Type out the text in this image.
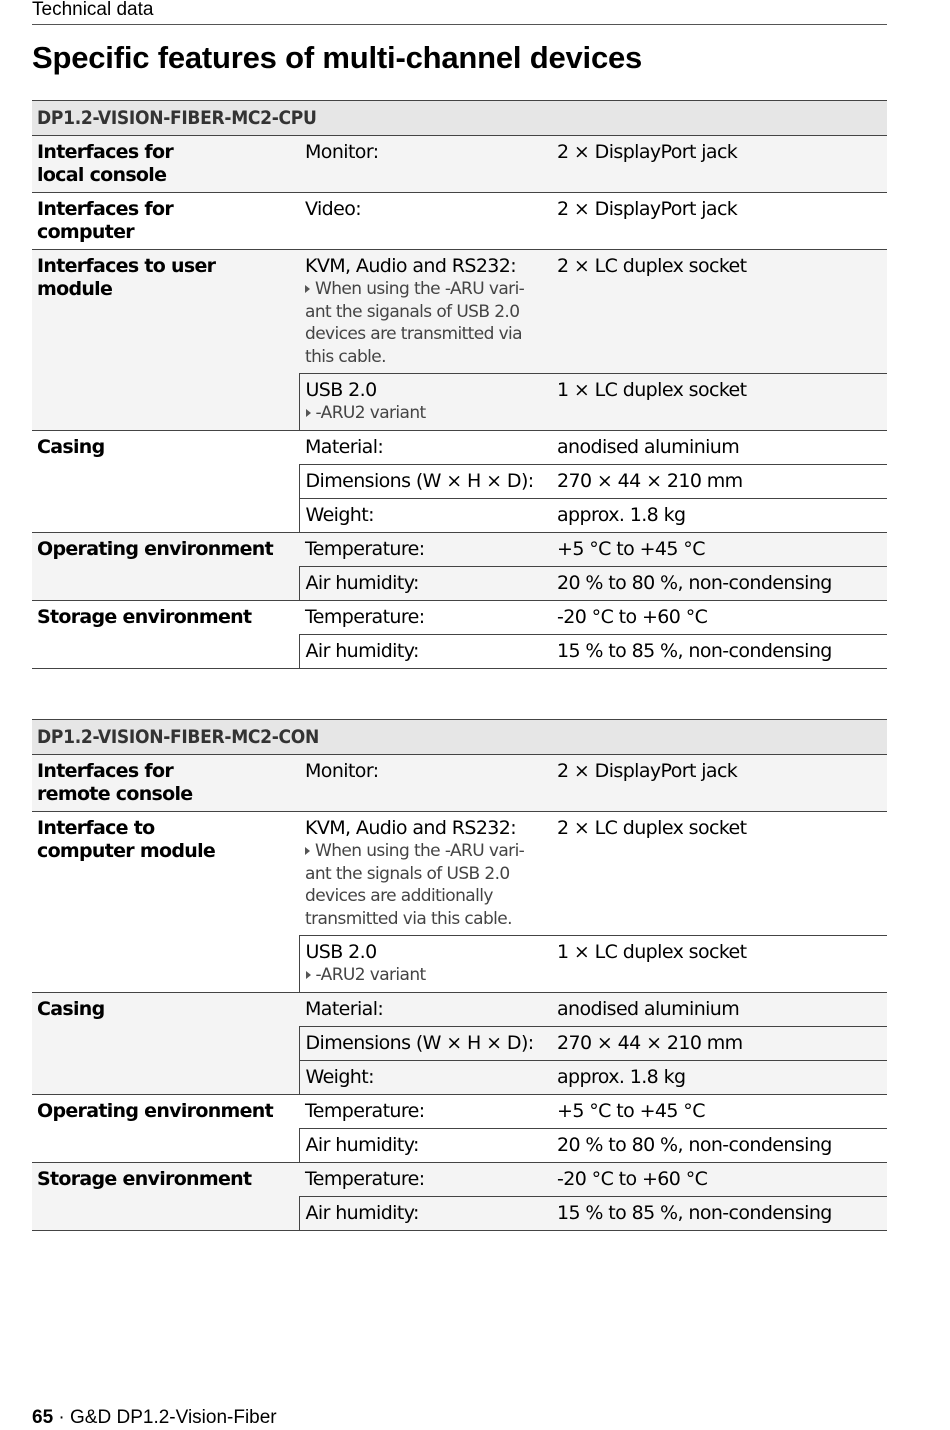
Technical data
Specific features of multi-channel devices
DP1.2-VISION-FIBER-MC2-CPU		
Interfaces for
local console	Monitor:	2 × DisplayPort jack
Interfaces for
computer	Video:	2 × DisplayPort jack
Interfaces to user module	KVM, Audio and RS232:
When using the -ARU vari-
ant the siganals of USB 2.0
devices are transmitted via
this cable.	2 × LC duplex socket
	USB 2.0
-ARU2 variant	1 × LC duplex socket
Casing	Material:	anodised aluminium
	Dimensions (W × H × D):	270 × 44 × 210 mm
	Weight:	approx. 1.8 kg
Operating environment	Temperature:	+5 °C to +45 °C
	Air humidity:	20 % to 80 %, non-condensing
Storage environment	Temperature:	-20 °C to +60 °C
	Air humidity:	15 % to 85 %, non-condensing
DP1.2-VISION-FIBER-MC2-CON		
Interfaces for
remote console	Monitor:	2 × DisplayPort jack
Interface to
computer module	KVM, Audio and RS232:
When using the -ARU vari-
ant the signals of USB 2.0
devices are additionally
transmitted via this cable.	2 × LC duplex socket
	USB 2.0
-ARU2 variant	1 × LC duplex socket
Casing	Material:	anodised aluminium
	Dimensions (W × H × D):	270 × 44 × 210 mm
	Weight:	approx. 1.8 kg
Operating environment	Temperature:	+5 °C to +45 °C
	Air humidity:	20 % to 80 %, non-condensing
Storage environment	Temperature:	-20 °C to +60 °C
	Air humidity:	15 % to 85 %, non-condensing
65 · G&D DP1.2-Vision-Fiber
